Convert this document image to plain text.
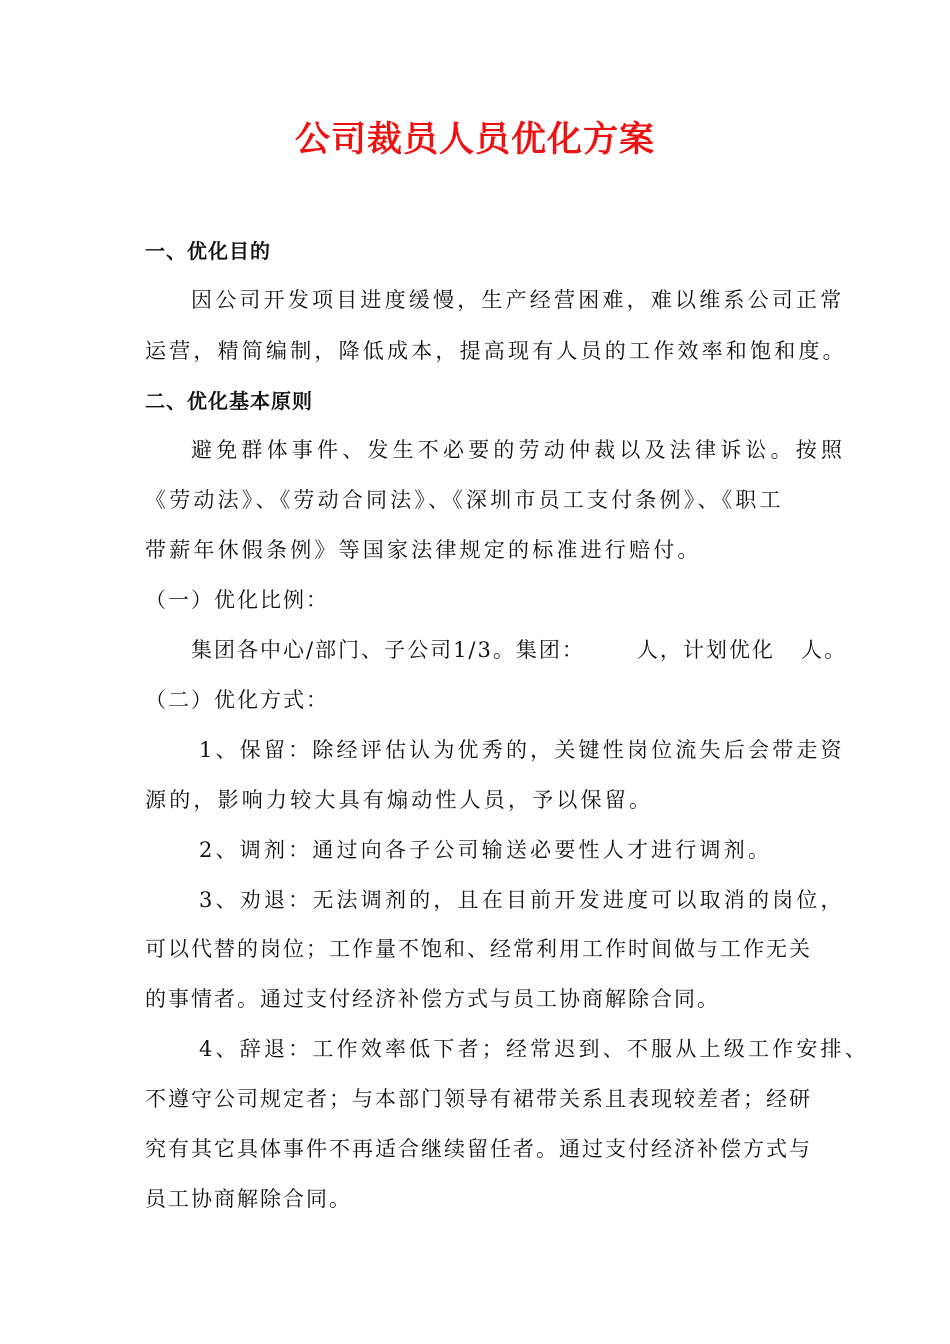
公司裁员人员优化方案

一、优化目的

因公司开发项目进度缓慢，生产经营困难，难以维系公司正常

运营，精简编制，降低成本，提高现有人员的工作效率和饱和度。

二、优化基本原则

避免群体事件、发生不必要的劳动仲裁以及法律诉讼。按照

《劳动法》、《劳动合同法》、《深圳市员工支付条例》、《职工

带薪年休假条例》等国家法律规定的标准进行赔付。

（一）优化比例：

集团各中心/部门、子公司1/3。集团：      人，计划优化   人。

（二）优化方式：

1、保留：除经评估认为优秀的，关键性岗位流失后会带走资

源的，影响力较大具有煽动性人员，予以保留。

2、调剂：通过向各子公司输送必要性人才进行调剂。

3、劝退：无法调剂的，且在目前开发进度可以取消的岗位，

可以代替的岗位；工作量不饱和、经常利用工作时间做与工作无关

的事情者。通过支付经济补偿方式与员工协商解除合同。

4、辞退：工作效率低下者；经常迟到、不服从上级工作安排、

不遵守公司规定者；与本部门领导有裙带关系且表现较差者；经研

究有其它具体事件不再适合继续留任者。通过支付经济补偿方式与

员工协商解除合同。
